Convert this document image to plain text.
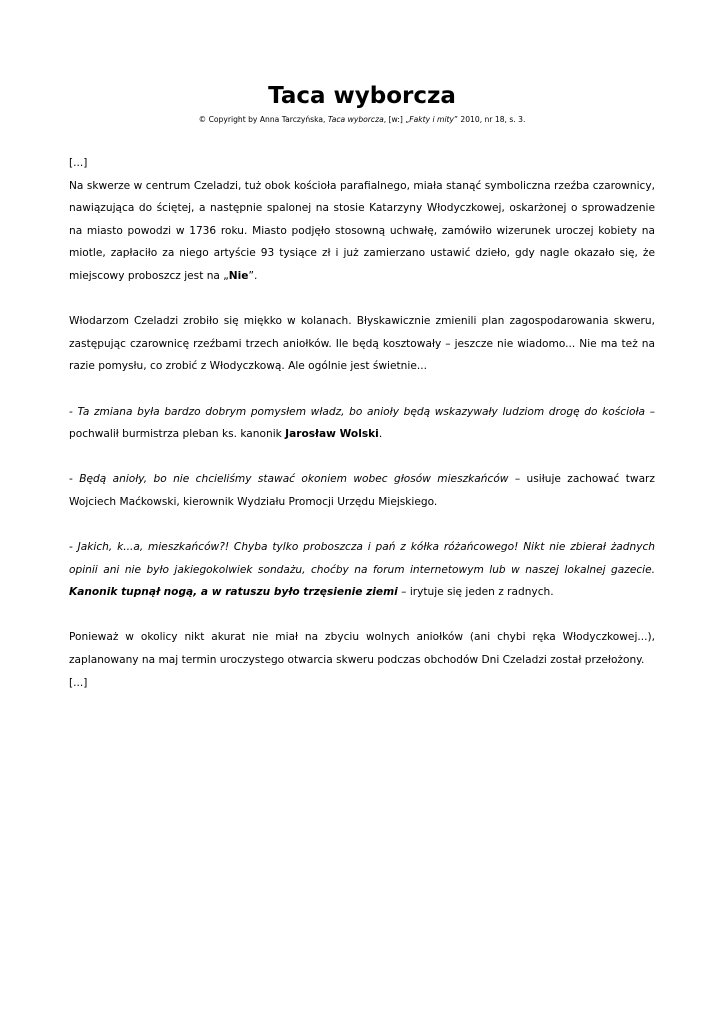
Taca wyborcza

© Copyright by Anna Tarczyńska, Taca wyborcza, [w:] „Fakty i mity” 2010, nr 18, s. 3.

[...]

Na skwerze w centrum Czeladzi, tuż obok kościoła parafialnego, miała stanąć symboliczna rzeźba czarownicy, nawiązująca do ściętej, a następnie spalonej na stosie Katarzyny Włodyczkowej, oskarżonej o sprowadzenie na miasto powodzi w 1736 roku. Miasto podjęło stosowną uchwałę, zamówiło wizerunek uroczej kobiety na miotle, zapłaciło za niego artyście 93 tysiące zł i już zamierzano ustawić dzieło, gdy nagle okazało się, że miejscowy proboszcz jest na „Nie”.

Włodarzom Czeladzi zrobiło się miękko w kolanach. Błyskawicznie zmienili plan zagospodarowania skweru, zastępując czarownicę rzeźbami trzech aniołków. Ile będą kosztowały – jeszcze nie wiadomo... Nie ma też na razie pomysłu, co zrobić z Włodyczkową. Ale ogólnie jest świetnie...

- Ta zmiana była bardzo dobrym pomysłem władz, bo anioły będą wskazywały ludziom drogę do kościoła – pochwalił burmistrza pleban ks. kanonik Jarosław Wolski.

- Będą anioły, bo nie chcieliśmy stawać okoniem wobec głosów mieszkańców – usiłuje zachować twarz Wojciech Maćkowski, kierownik Wydziału Promocji Urzędu Miejskiego.

- Jakich, k...a, mieszkańców?! Chyba tylko proboszcza i pań z kółka różańcowego! Nikt nie zbierał żadnych opinii ani nie było jakiegokolwiek sondażu, choćby na forum internetowym lub w naszej lokalnej gazecie. Kanonik tupnął nogą, a w ratuszu było trzęsienie ziemi – irytuje się jeden z radnych.

Ponieważ w okolicy nikt akurat nie miał na zbyciu wolnych aniołków (ani chybi ręka Włodyczkowej...), zaplanowany na maj termin uroczystego otwarcia skweru podczas obchodów Dni Czeladzi został przełożony.

[...]
